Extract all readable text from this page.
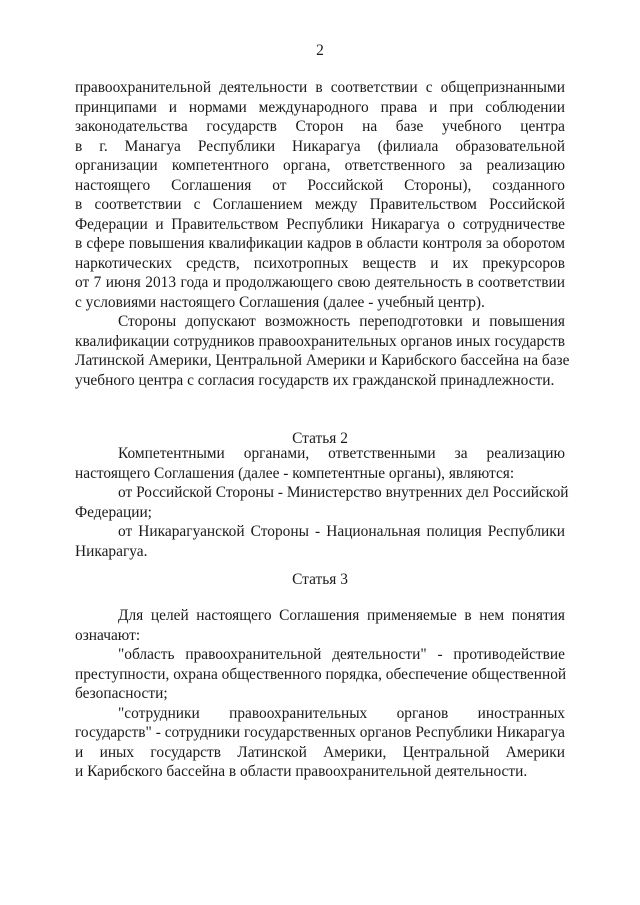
2
правоохранительной деятельности в соответствии с общепризнанными
принципами и нормами международного права и при соблюдении
законодательства государств Сторон на базе учебного центра
в г. Манагуа Республики Никарагуа (филиала образовательной
организации компетентного органа, ответственного за реализацию
настоящего Соглашения от Российской Стороны), созданного
в соответствии с Соглашением между Правительством Российской
Федерации и Правительством Республики Никарагуа о сотрудничестве
в сфере повышения квалификации кадров в области контроля за оборотом
наркотических средств, психотропных веществ и их прекурсоров
от 7 июня 2013 года и продолжающего свою деятельность в соответствии
с условиями настоящего Соглашения (далее - учебный центр).
Стороны допускают возможность переподготовки и повышения
квалификации сотрудников правоохранительных органов иных государств
Латинской Америки, Центральной Америки и Карибского бассейна на базе
учебного центра с согласия государств их гражданской принадлежности.
Статья 2
Компетентными органами, ответственными за реализацию
настоящего Соглашения (далее - компетентные органы), являются:
от Российской Стороны - Министерство внутренних дел Российской
Федерации;
от Никарагуанской Стороны - Национальная полиция Республики
Никарагуа.
Статья 3
Для целей настоящего Соглашения применяемые в нем понятия
означают:
"область правоохранительной деятельности" - противодействие
преступности, охрана общественного порядка, обеспечение общественной
безопасности;
"сотрудники правоохранительных органов иностранных
государств" - сотрудники государственных органов Республики Никарагуа
и иных государств Латинской Америки, Центральной Америки
и Карибского бассейна в области правоохранительной деятельности.
